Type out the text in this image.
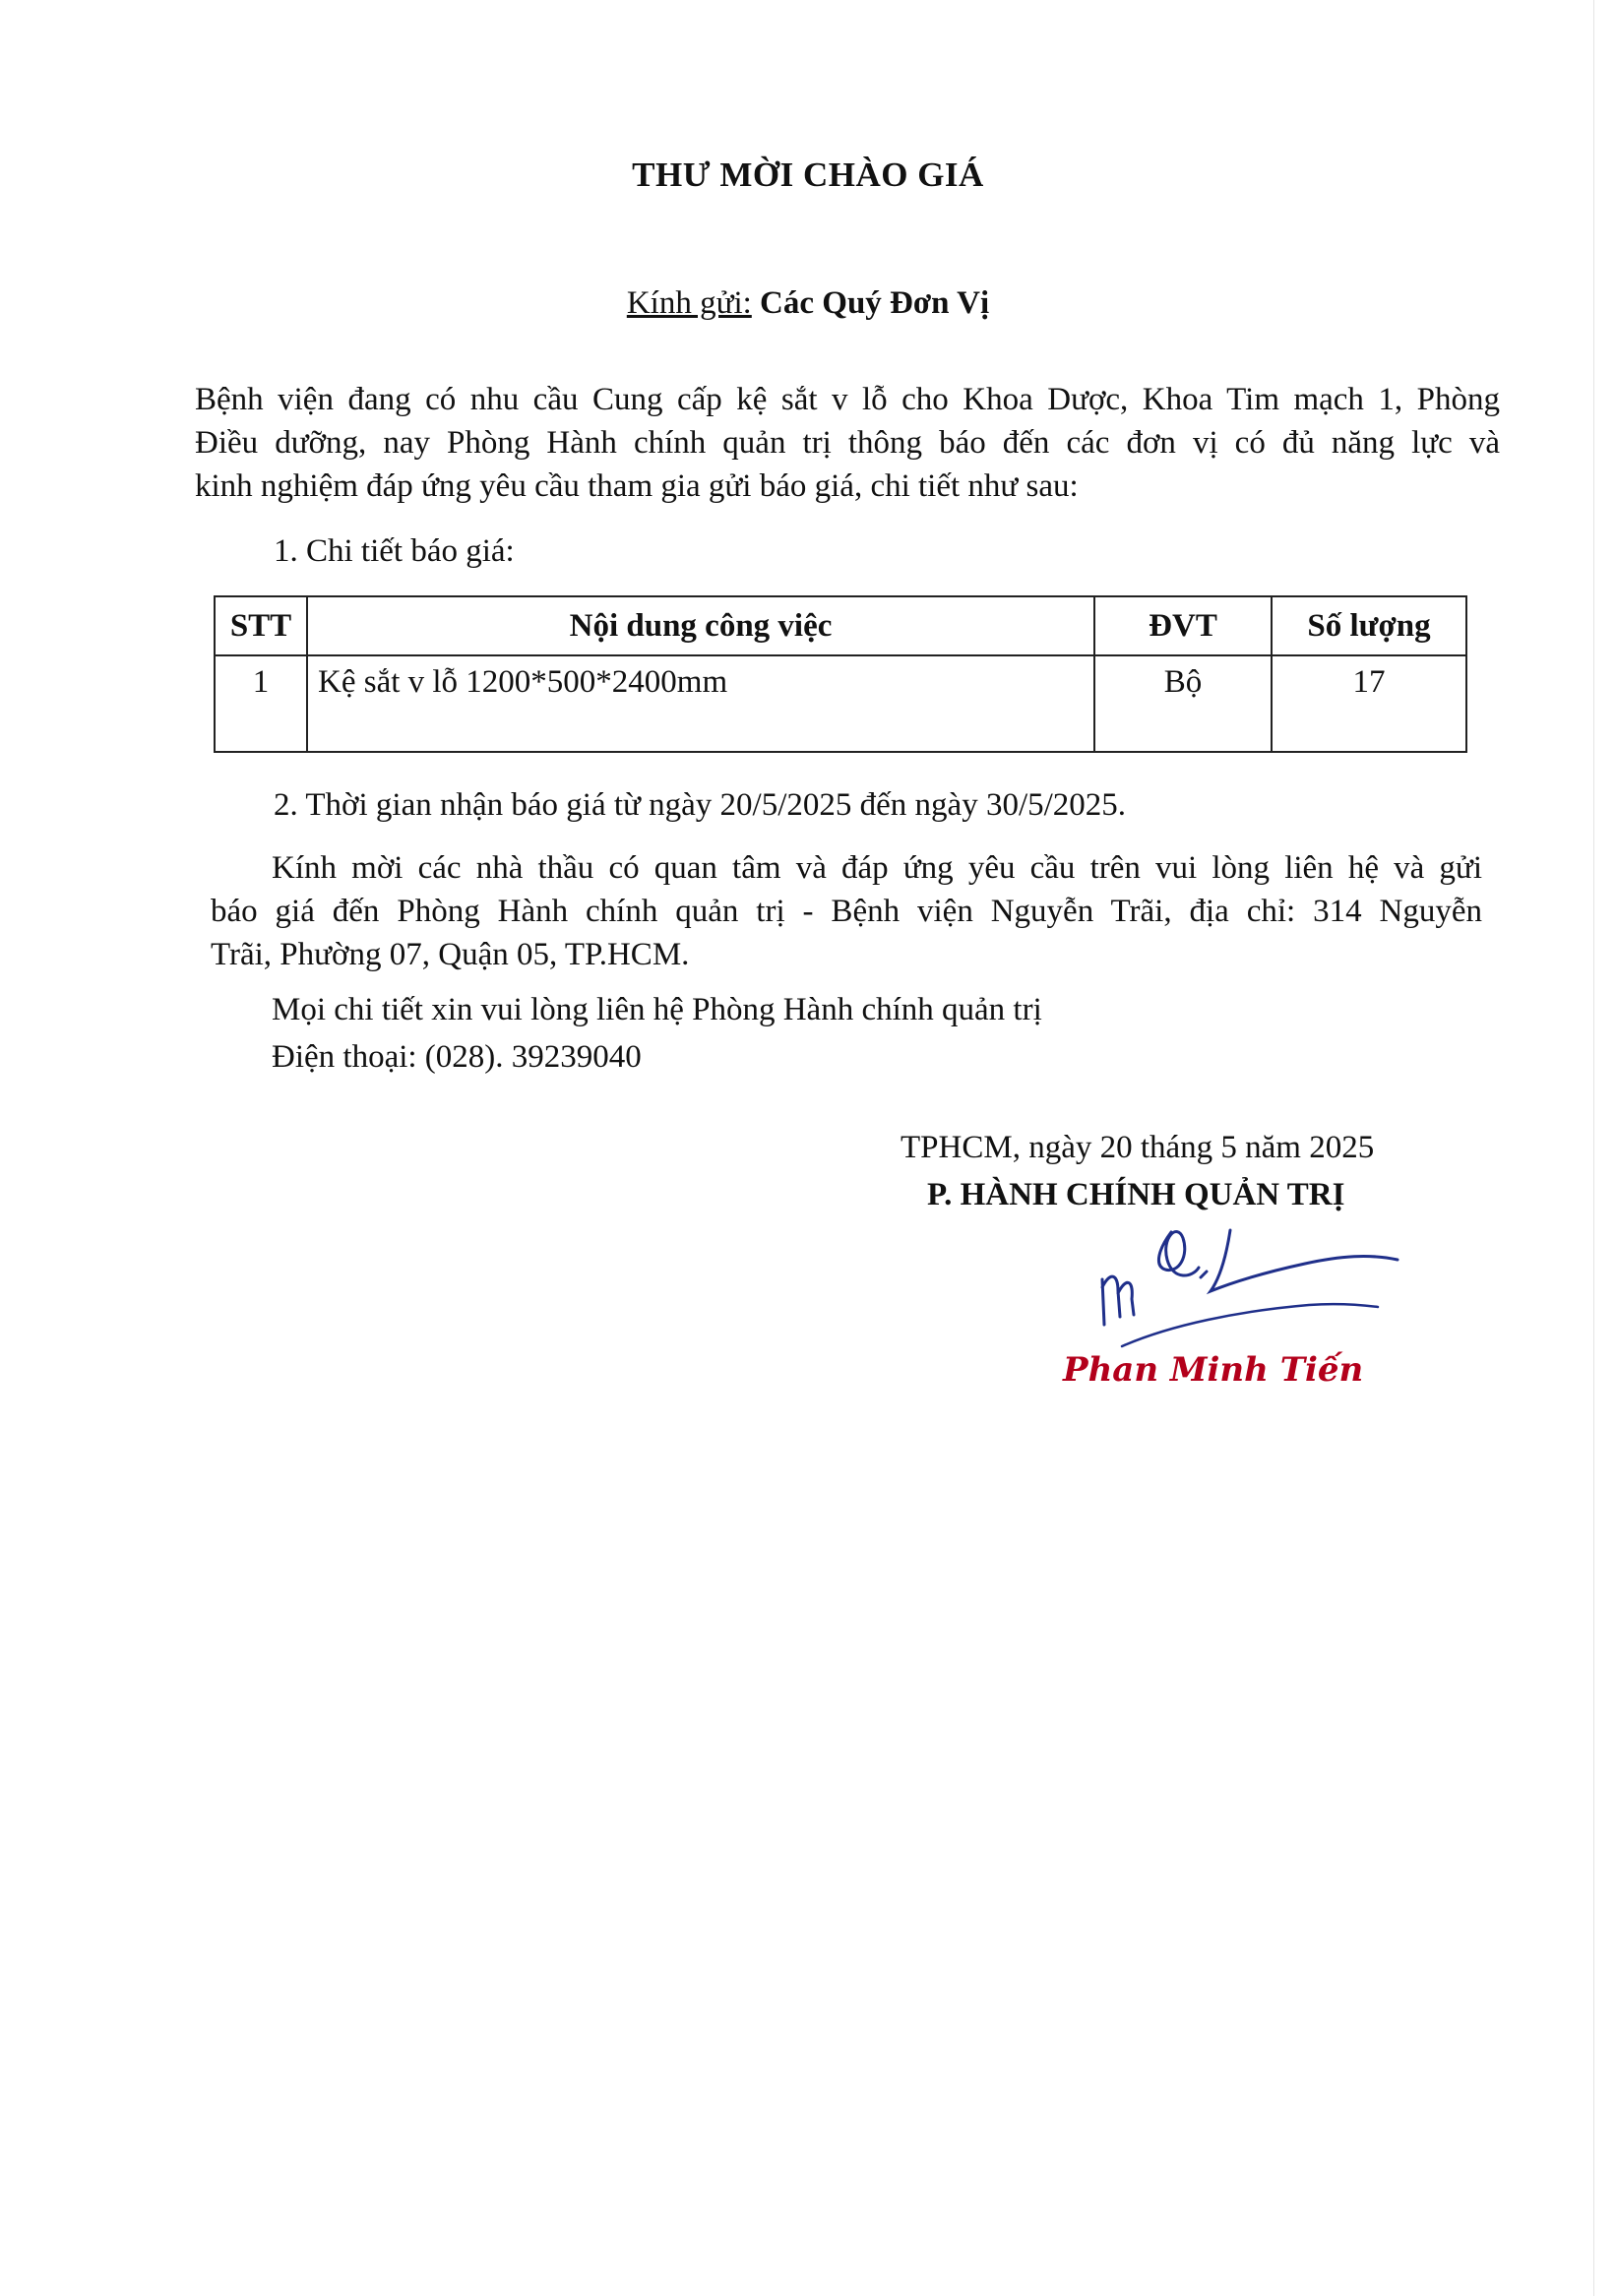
THƯ MỜI CHÀO GIÁ
Kính gửi: Các Quý Đơn Vị
Bệnh viện đang có nhu cầu Cung cấp kệ sắt v lỗ cho Khoa Dược, Khoa Tim mạch 1, Phòng
Điều dưỡng, nay Phòng Hành chính quản trị thông báo đến các đơn vị có đủ năng lực và
kinh nghiệm đáp ứng yêu cầu tham gia gửi báo giá, chi tiết như sau:
1. Chi tiết báo giá:
STT	Nội dung công việc	ĐVT	Số lượng
1	Kệ sắt v lỗ 1200*500*2400mm	Bộ	17
2. Thời gian nhận báo giá từ ngày 20/5/2025 đến ngày 30/5/2025.
Kính mời các nhà thầu có quan tâm và đáp ứng yêu cầu trên vui lòng liên hệ và gửi
báo giá đến Phòng Hành chính quản trị - Bệnh viện Nguyễn Trãi, địa chỉ: 314 Nguyễn
Trãi, Phường 07, Quận 05, TP.HCM.
Mọi chi tiết xin vui lòng liên hệ Phòng Hành chính quản trị
Điện thoại: (028). 39239040
TPHCM, ngày 20 tháng 5 năm 2025
P. HÀNH CHÍNH QUẢN TRỊ
Phan Minh Tiến
